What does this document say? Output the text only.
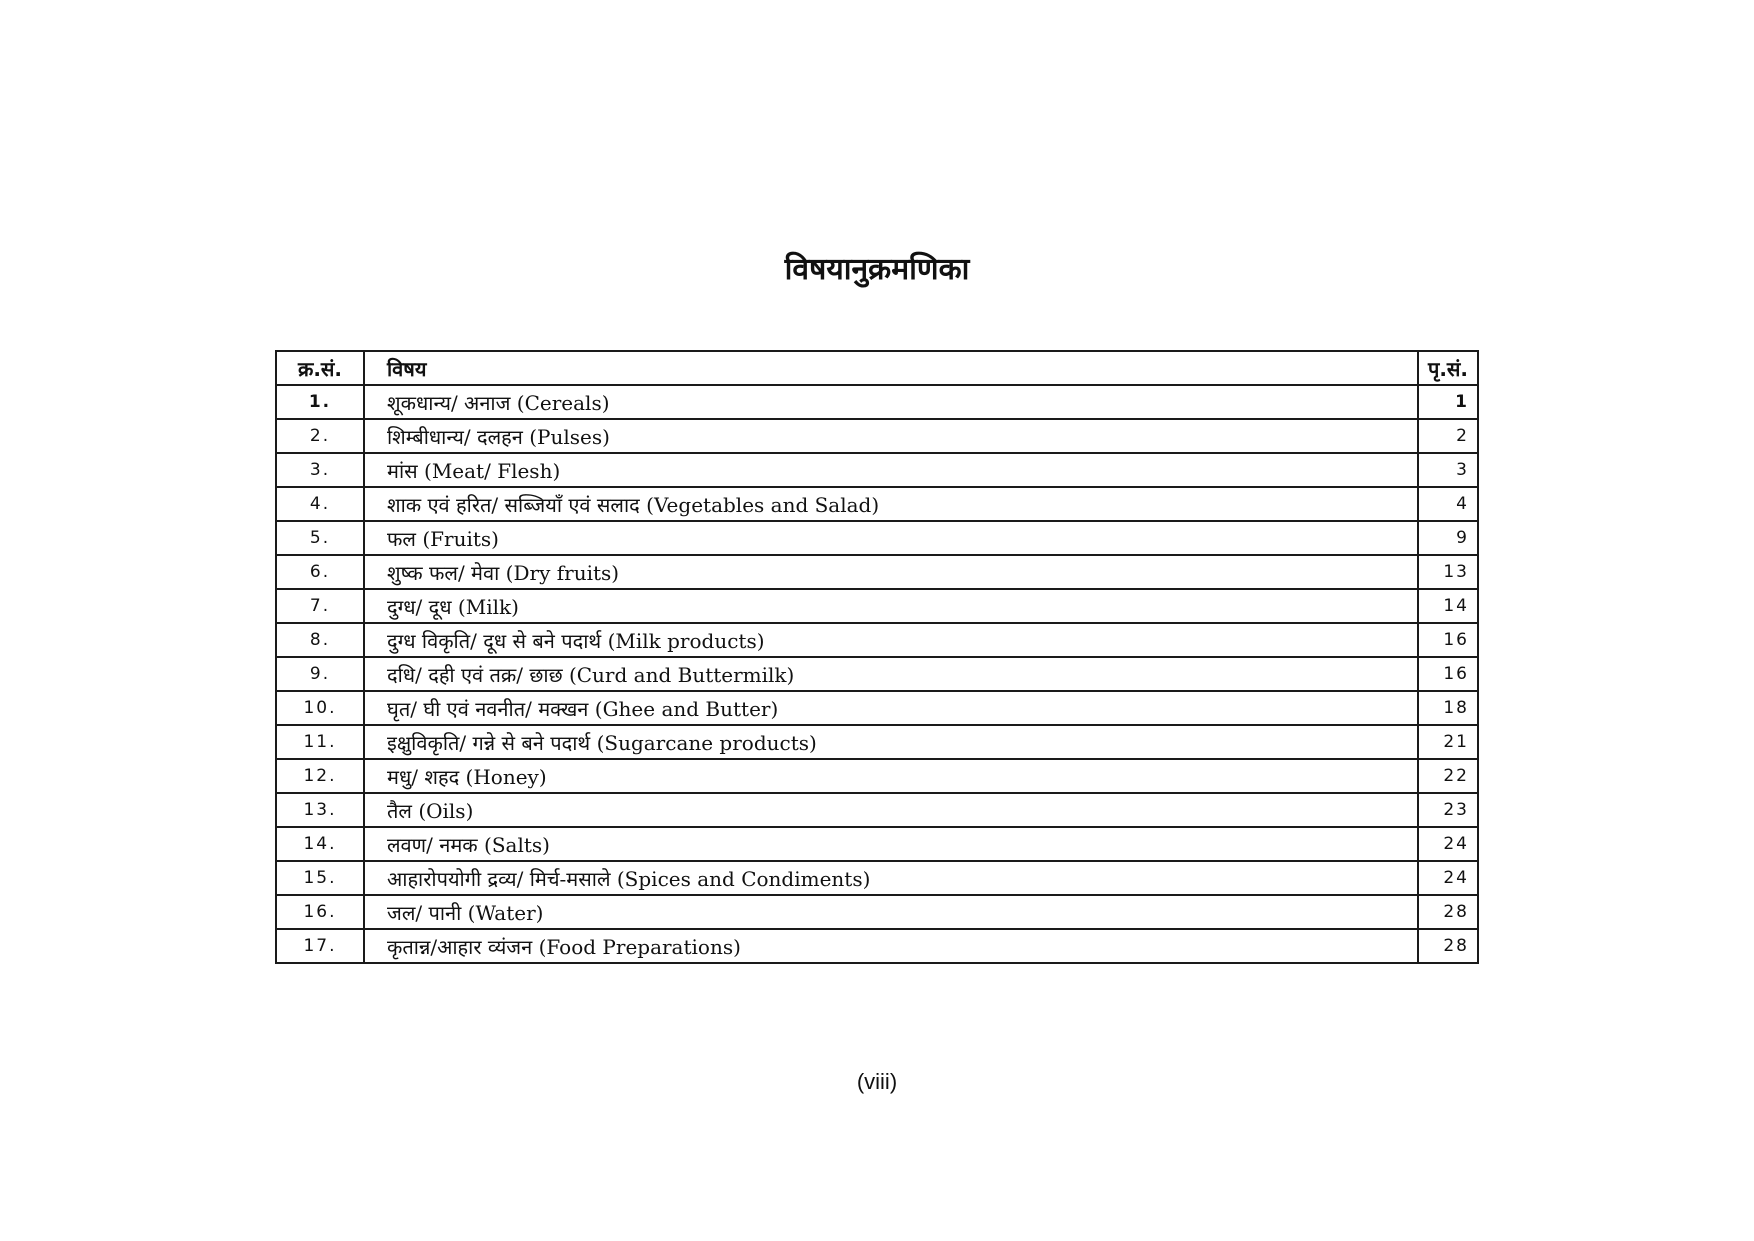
विषयानुक्रमणिका
क्र.सं.	विषय	पृ.सं.
1.	शूकधान्य/ अनाज (Cereals)	1
2.	शिम्बीधान्य/ दलहन (Pulses)	2
3.	मांस (Meat/ Flesh)	3
4.	शाक एवं हरित/ सब्जियाँ एवं सलाद (Vegetables and Salad)	4
5.	फल (Fruits)	9
6.	शुष्क फल/ मेवा (Dry fruits)	13
7.	दुग्ध/ दूध (Milk)	14
8.	दुग्ध विकृति/ दूध से बने पदार्थ (Milk products)	16
9.	दधि/ दही एवं तक्र/ छाछ (Curd and Buttermilk)	16
10.	घृत/ घी एवं नवनीत/ मक्खन (Ghee and Butter)	18
11.	इक्षुविकृति/ गन्ने से बने पदार्थ (Sugarcane products)	21
12.	मधु/ शहद (Honey)	22
13.	तैल (Oils)	23
14.	लवण/ नमक (Salts)	24
15.	आहारोपयोगी द्रव्य/ मिर्च-मसाले (Spices and Condiments)	24
16.	जल/ पानी (Water)	28
17.	कृतान्न/आहार व्यंजन (Food Preparations)	28
(viii)
